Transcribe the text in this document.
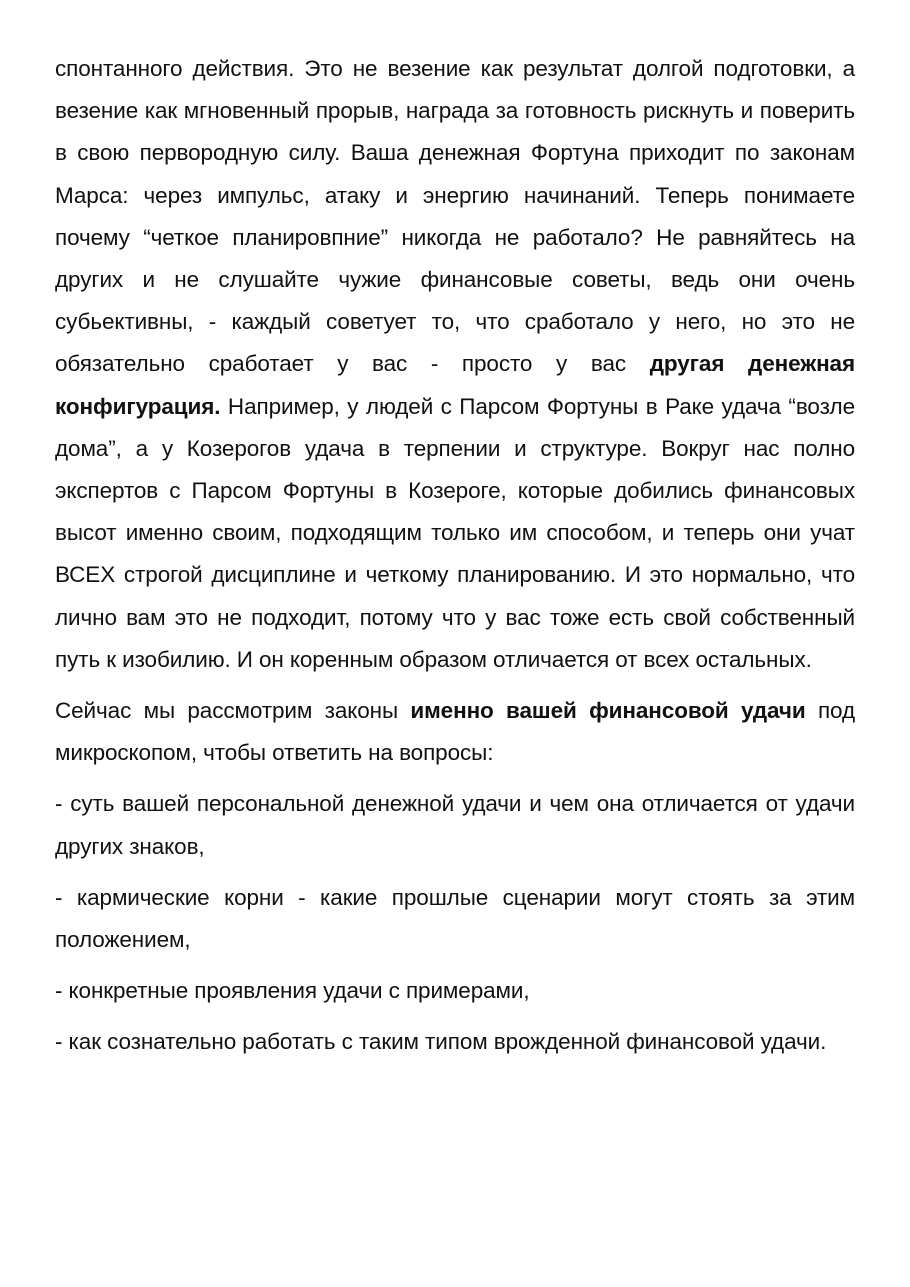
спонтанного действия. Это не везение как результат долгой подготовки, а везение как мгновенный прорыв, награда за готовность рискнуть и поверить в свою первородную силу. Ваша денежная Фортуна приходит по законам Марса: через импульс, атаку и энергию начинаний. Теперь понимаете почему “четкое планировпние” никогда не работало? Не равняйтесь на других и не слушайте чужие финансовые советы, ведь они очень субьективны, - каждый советует то, что сработало у него, но это не обязательно сработает у вас - просто у вас другая денежная конфигурация. Например, у людей с Парсом Фортуны в Раке удача “возле дома”, а у Козерогов удача в терпении и структуре. Вокруг нас полно экспертов с Парсом Фортуны в Козероге, которые добились финансовых высот именно своим, подходящим только им способом, и теперь они учат ВСЕХ строгой дисциплине и четкому планированию. И это нормально, что лично вам это не подходит, потому что у вас тоже есть свой собственный путь к изобилию. И он коренным образом отличается от всех остальных.

Сейчас мы рассмотрим законы именно вашей финансовой удачи под микроскопом, чтобы ответить на вопросы:

- суть вашей персональной денежной удачи и чем она отличается от удачи других знаков,

- кармические корни - какие прошлые сценарии могут стоять за этим положением,

- конкретные проявления удачи с примерами,

- как сознательно работать с таким типом врожденной финансовой удачи.
